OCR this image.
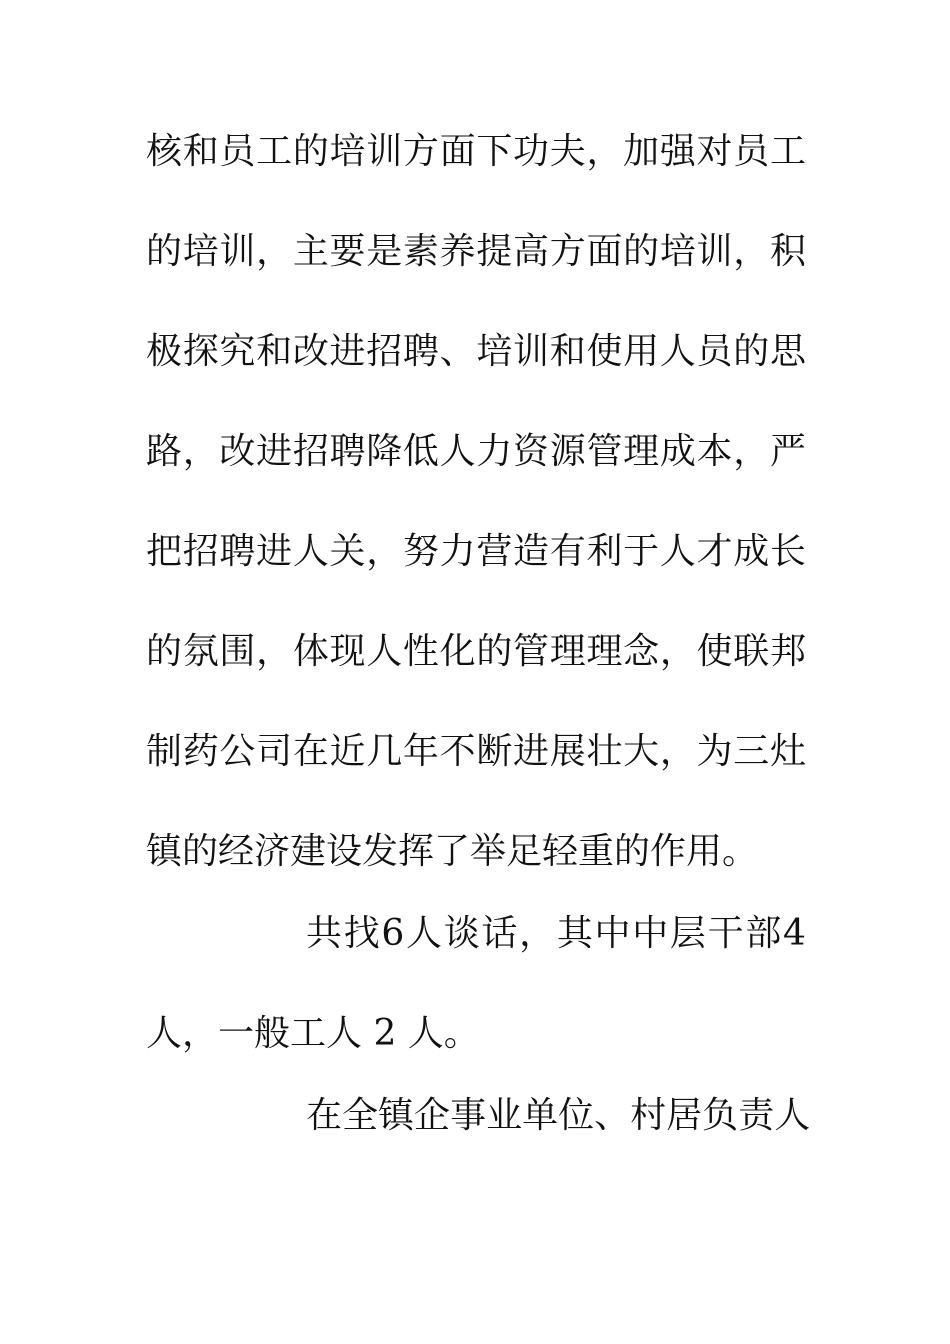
核 和 员 工 的 培 训 方 面 下 功 夫 ， 加 强 对 员 工
的 培 训 ， 主 要 是 素 养 提 高 方 面 的 培 训 ， 积
极 探 究 和 改 进 招 聘 、 培 训 和 使 用 人 员 的 思
路 ， 改 进 招 聘 降 低 人 力 资 源 管 理 成 本 ， 严
把 招 聘 进 人 关 ， 努 力 营 造 有 利 于 人 才 成 长
的 氛 围 ， 体 现 人 性 化 的 管 理 理 念 ， 使 联 邦
制 药 公 司 在 近 几 年 不 断 进 展 壮 大 ， 为 三 灶
镇的经济建设发挥了举足轻重的作用。
共 找 6 人 谈 话 ， 其 中 中 层 干 部 4
人，一般工人 2 人。
在 全 镇 企 事 业 单 位 、 村 居 负 责 人
